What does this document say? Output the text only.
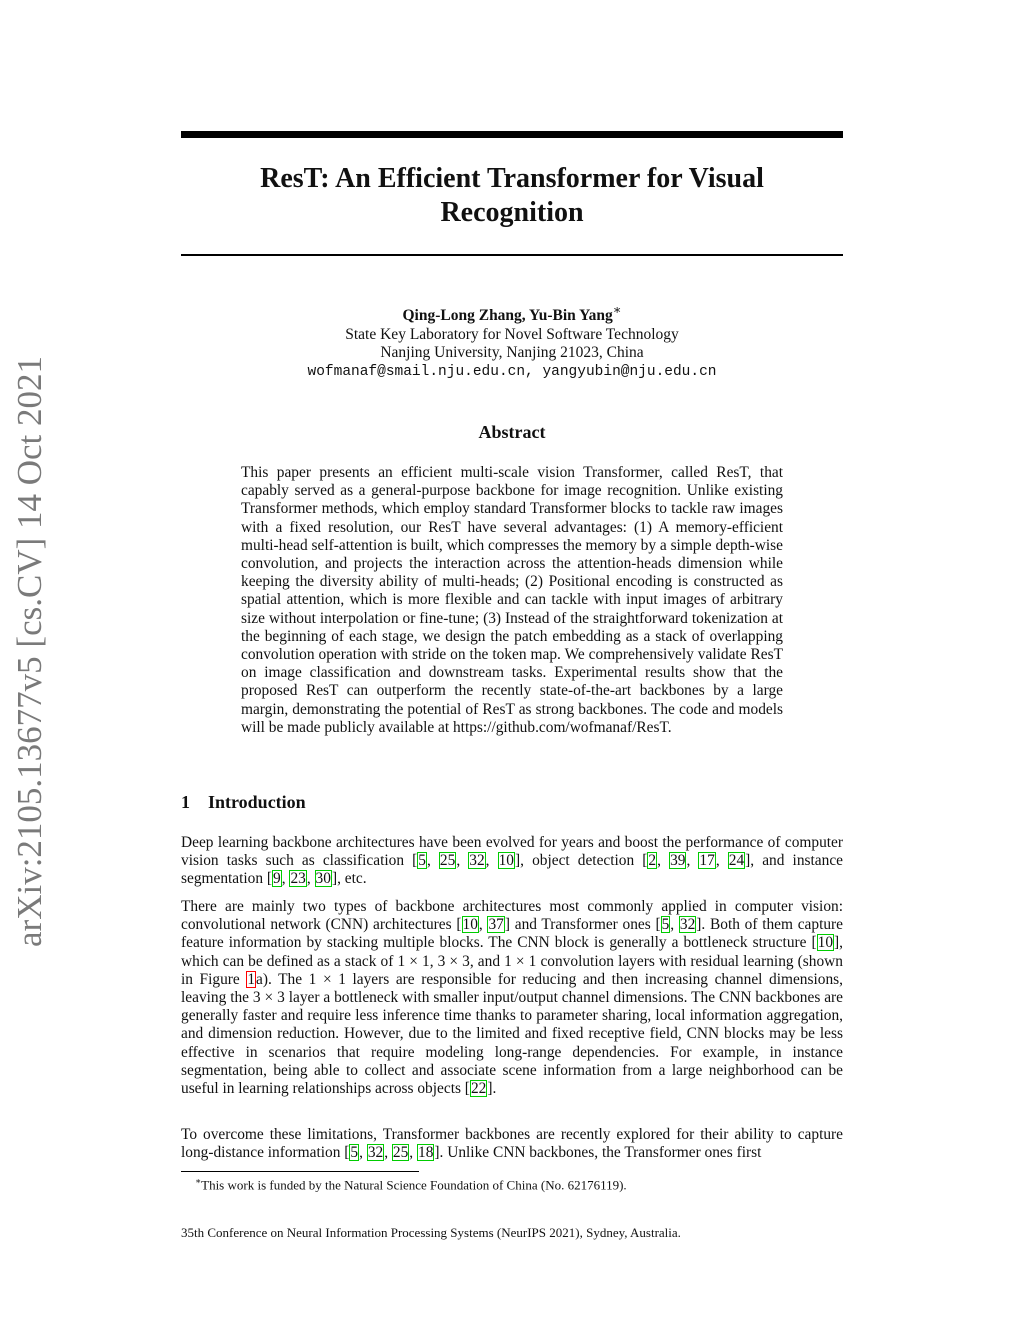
arXiv:2105.13677v5 [cs.CV] 14 Oct 2021
ResT: An Efficient Transformer for Visual
Recognition
Qing-Long Zhang, Yu-Bin Yang∗
State Key Laboratory for Novel Software Technology
Nanjing University, Nanjing 21023, China
wofmanaf@smail.nju.edu.cn, yangyubin@nju.edu.cn
Abstract
This paper presents an efficient multi-scale vision Transformer, called ResT, that capably served as a general-purpose backbone for image recognition. Unlike existing Transformer methods, which employ standard Transformer blocks to tackle raw images with a fixed resolution, our ResT have several advantages: (1) A memory-efficient multi-head self-attention is built, which compresses the memory by a simple depth-wise convolution, and projects the interaction across the attention-heads dimension while keeping the diversity ability of multi-heads; (2) Positional encoding is constructed as spatial attention, which is more flexible and can tackle with input images of arbitrary size without interpolation or fine-tune; (3) Instead of the straightforward tokenization at the beginning of each stage, we design the patch embedding as a stack of overlapping convolution operation with stride on the token map. We comprehensively validate ResT on image classification and downstream tasks. Experimental results show that the proposed ResT can outperform the recently state-of-the-art backbones by a large margin, demonstrating the potential of ResT as strong backbones. The code and models will be made publicly available at https://github.com/wofmanaf/ResT.
1 Introduction
Deep learning backbone architectures have been evolved for years and boost the performance of computer vision tasks such as classification [5, 25, 32, 10], object detection [2, 39, 17, 24], and instance segmentation [9, 23, 30], etc.
There are mainly two types of backbone architectures most commonly applied in computer vision: convolutional network (CNN) architectures [10, 37] and Transformer ones [5, 32]. Both of them capture feature information by stacking multiple blocks. The CNN block is generally a bottleneck structure [10], which can be defined as a stack of 1 × 1, 3 × 3, and 1 × 1 convolution layers with residual learning (shown in Figure 1a). The 1 × 1 layers are responsible for reducing and then increasing channel dimensions, leaving the 3 × 3 layer a bottleneck with smaller input/output channel dimensions. The CNN backbones are generally faster and require less inference time thanks to parameter sharing, local information aggregation, and dimension reduction. However, due to the limited and fixed receptive field, CNN blocks may be less effective in scenarios that require modeling long-range dependencies. For example, in instance segmentation, being able to collect and associate scene information from a large neighborhood can be useful in learning relationships across objects [22].
To overcome these limitations, Transformer backbones are recently explored for their ability to capture long-distance information [5, 32, 25, 18]. Unlike CNN backbones, the Transformer ones first
∗This work is funded by the Natural Science Foundation of China (No. 62176119).
35th Conference on Neural Information Processing Systems (NeurIPS 2021), Sydney, Australia.
